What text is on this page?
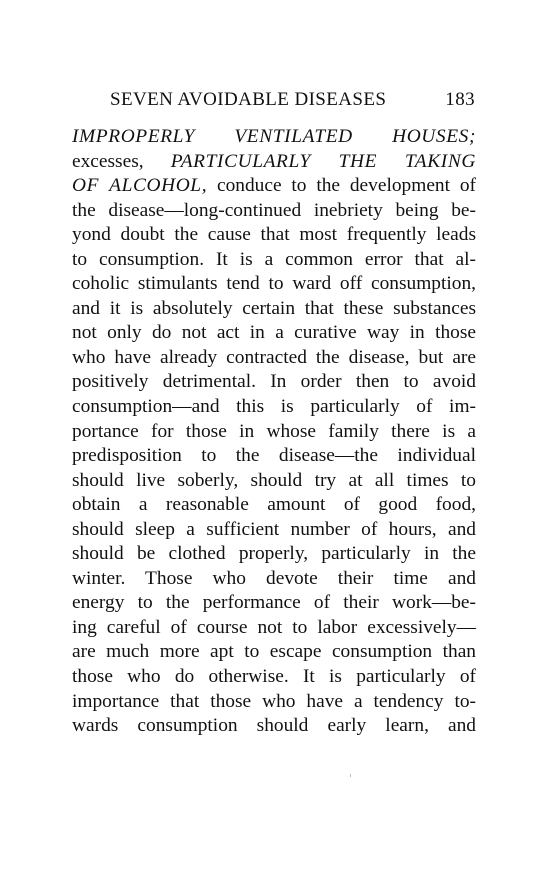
SEVEN AVOIDABLE DISEASES	183
IMPROPERLY VENTILATED HOUSES;
excesses, PARTICULARLY THE TAKING
OF ALCOHOL, conduce to the development of
the disease—long-continued inebriety being be-
yond doubt the cause that most frequently leads
to consumption. It is a common error that al-
coholic stimulants tend to ward off consumption,
and it is absolutely certain that these substances
not only do not act in a curative way in those
who have already contracted the disease, but are
positively detrimental. In order then to avoid
consumption—and this is particularly of im-
portance for those in whose family there is a
predisposition to the disease—the individual
should live soberly, should try at all times to
obtain a reasonable amount of good food,
should sleep a sufficient number of hours, and
should be clothed properly, particularly in the
winter. Those who devote their time and
energy to the performance of their work—be-
ing careful of course not to labor excessively—
are much more apt to escape consumption than
those who do otherwise. It is particularly of
importance that those who have a tendency to-
wards consumption should early learn, and
